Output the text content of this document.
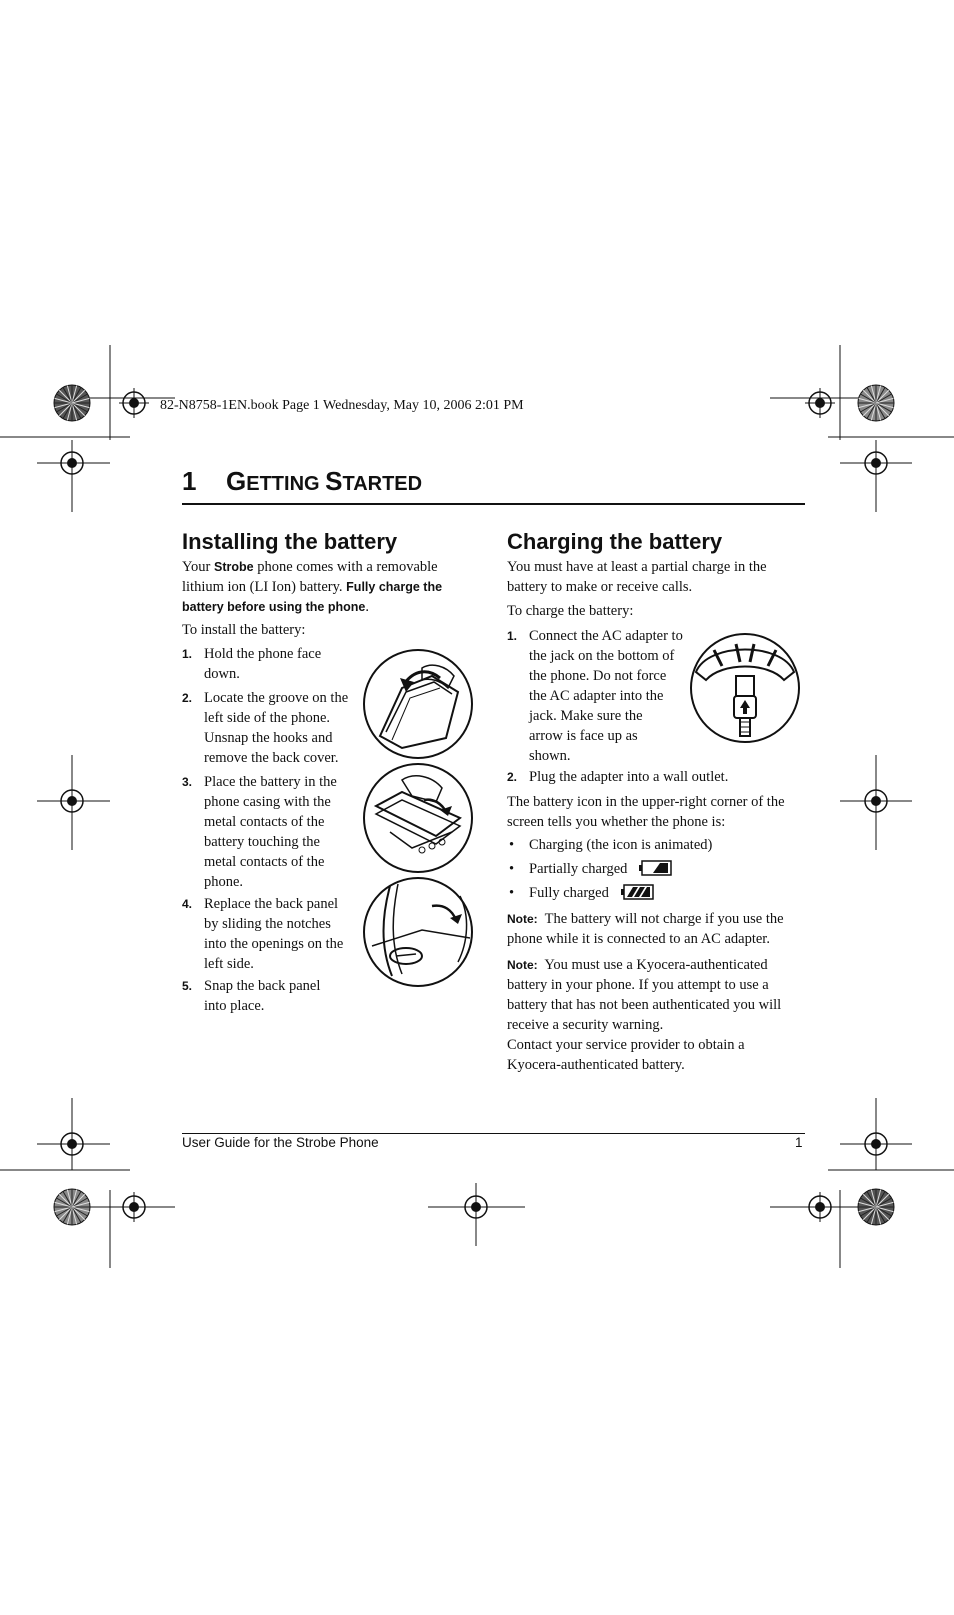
82-N8758-1EN.book Page 1 Wednesday, May 10, 2006 2:01 PM
1 GETTING STARTED
Installing the battery
Your Strobe phone comes with a removable
lithium ion (LI Ion) battery. Fully charge the
battery before using the phone.
To install the battery:
1. Hold the phone face
down.
2. Locate the groove on the
left side of the phone.
Unsnap the hooks and
remove the back cover.
3. Place the battery in the
phone casing with the
metal contacts of the
battery touching the
metal contacts of the
phone.
4. Replace the back panel
by sliding the notches
into the openings on the
left side.
5. Snap the back panel
into place.
Charging the battery
You must have at least a partial charge in the
battery to make or receive calls.
To charge the battery:
1. Connect the AC adapter to
the jack on the bottom of
the phone. Do not force
the AC adapter into the
jack. Make sure the
arrow is face up as
shown.
2. Plug the adapter into a wall outlet.
The battery icon in the upper-right corner of the
screen tells you whether the phone is:
• Charging (the icon is animated)
• Partially charged
• Fully charged
Note: The battery will not charge if you use the
phone while it is connected to an AC adapter.
Note: You must use a Kyocera-authenticated
battery in your phone. If you attempt to use a
battery that has not been authenticated you will
receive a security warning.
Contact your service provider to obtain a
Kyocera-authenticated battery.
User Guide for the Strobe Phone	1
